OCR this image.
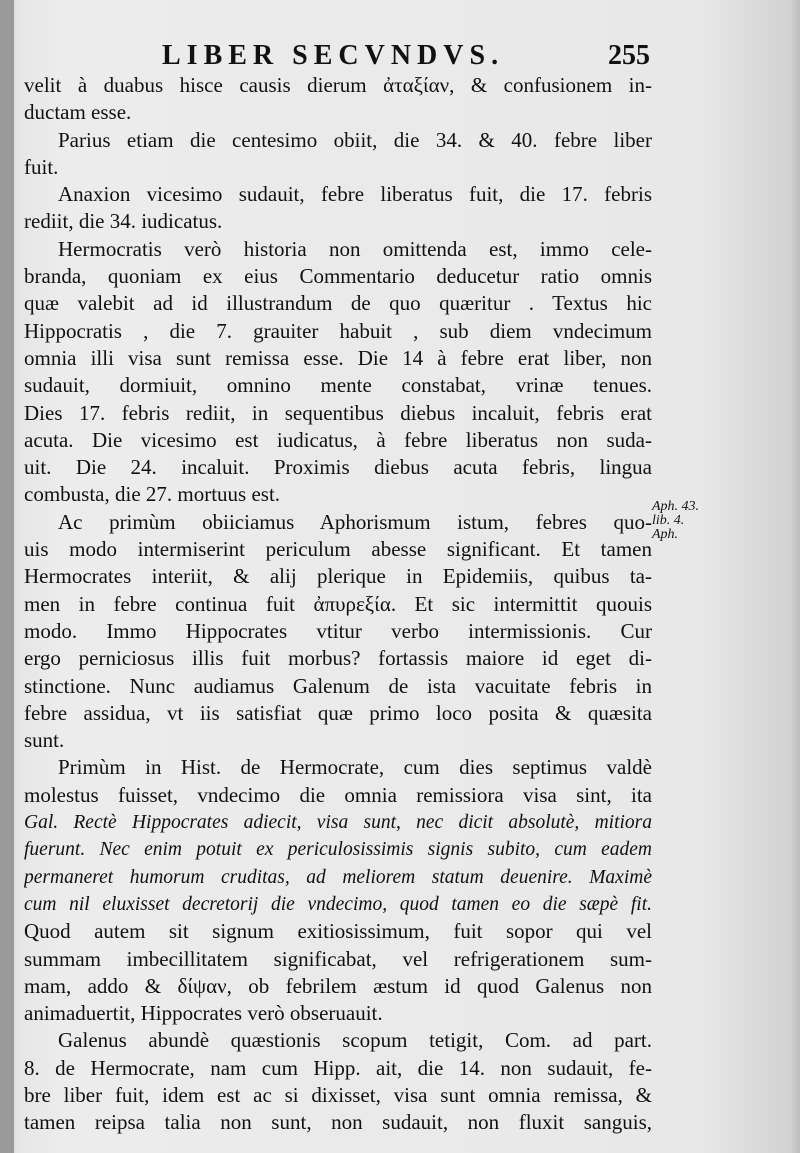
LIBER SECVNDVS.	255
velit à duabus hisce causis dierum ἀταξίαν, & confusionem in-
ductam esse.
Parius etiam die centesimo obiit, die 34. & 40. febre liber
fuit.
Anaxion vicesimo sudauit, febre liberatus fuit, die 17. febris
rediit, die 34. iudicatus.
Hermocratis verò historia non omittenda est, immo cele-
branda, quoniam ex eius Commentario deducetur ratio omnis
quæ valebit ad id illustrandum de quo quæritur . Textus hic
Hippocratis , die 7. grauiter habuit , sub diem vndecimum
omnia illi visa sunt remissa esse. Die 14 à febre erat liber, non
sudauit, dormiuit, omnino mente constabat, vrinæ tenues.
Dies 17. febris rediit, in sequentibus diebus incaluit, febris erat
acuta. Die vicesimo est iudicatus, à febre liberatus non suda-
uit. Die 24. incaluit. Proximis diebus acuta febris, lingua
combusta, die 27. mortuus est.
Ac primùm obiiciamus Aphorismum istum, febres quo-
uis modo intermiserint periculum abesse significant. Et tamen
Hermocrates interiit, & alij plerique in Epidemiis, quibus ta-
men in febre continua fuit ἀπυρεξία. Et sic intermittit quouis
modo. Immo Hippocrates vtitur verbo intermissionis. Cur
ergo perniciosus illis fuit morbus? fortassis maiore id eget di-
stinctione. Nunc audiamus Galenum de ista vacuitate febris in
febre assidua, vt iis satisfiat quæ primo loco posita & quæsita
sunt.
Primùm in Hist. de Hermocrate, cum dies septimus valdè
molestus fuisset, vndecimo die omnia remissiora visa sint, ita
Gal. Rectè Hippocrates adiecit, visa sunt, nec dicit absolutè, mitiora
fuerunt. Nec enim potuit ex periculosissimis signis subito, cum eadem
permaneret humorum cruditas, ad meliorem statum deuenire. Maximè
cum nil eluxisset decretorij die vndecimo, quod tamen eo die sæpè fit.
Quod autem sit signum exitiosissimum, fuit sopor qui vel
summam imbecillitatem significabat, vel refrigerationem sum-
mam, addo & δίψαν, ob febrilem æstum id quod Galenus non
animaduertit, Hippocrates verò obseruauit.
Galenus abundè quæstionis scopum tetigit, Com. ad part.
8. de Hermocrate, nam cum Hipp. ait, die 14. non sudauit, fe-
bre liber fuit, idem est ac si dixisset, visa sunt omnia remissa, &
tamen reipsa talia non sunt, non sudauit, non fluxit sanguis,
Aph. 43.
lib. 4.
Aph.
